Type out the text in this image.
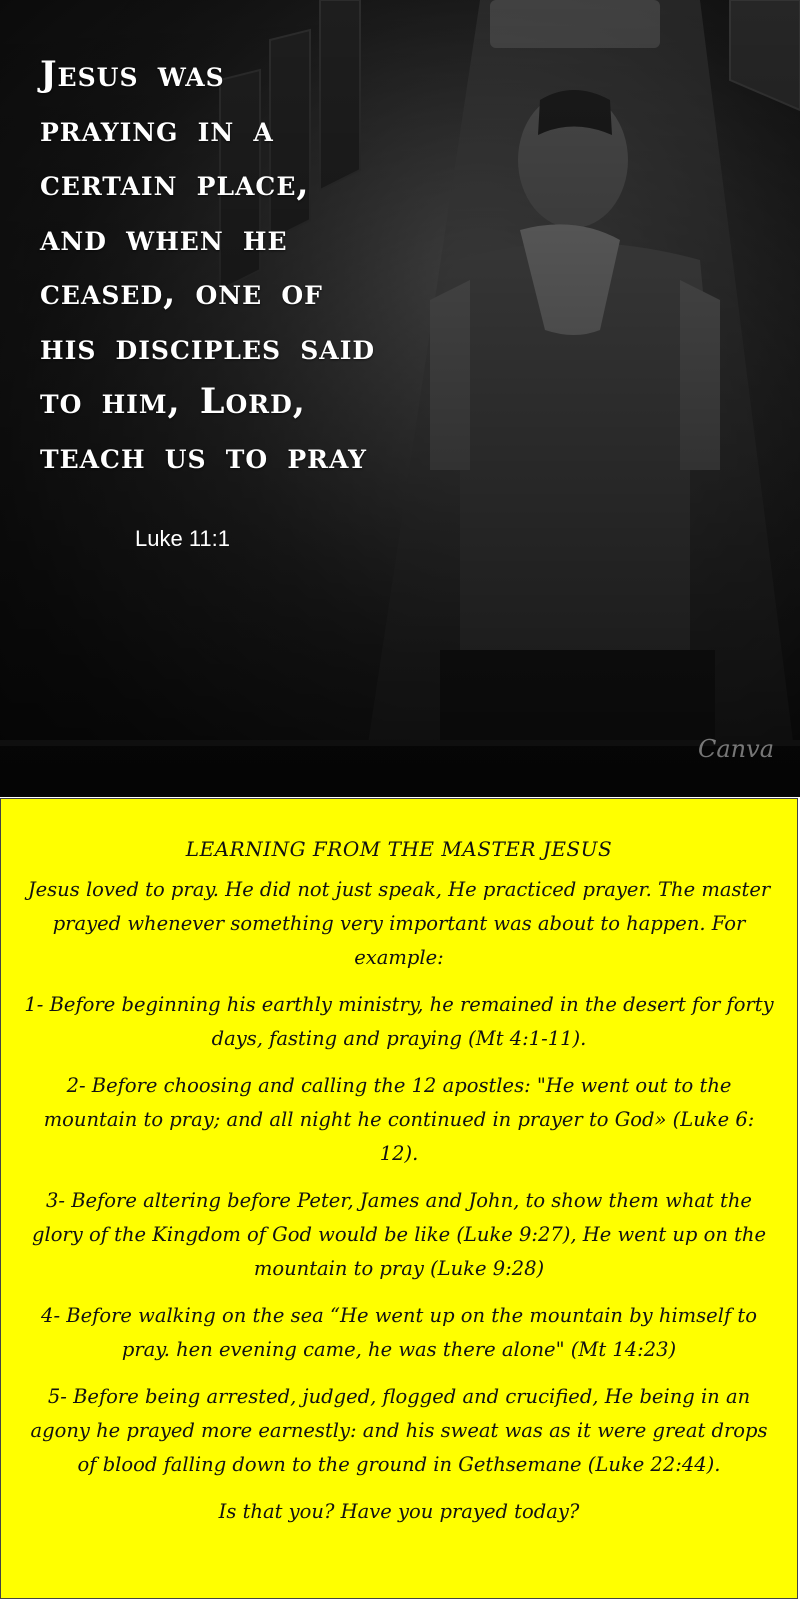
Jesus was
praying in a
certain place,
and when he
ceased, one of
his disciples said
to him, Lord,
teach us to pray
Luke 11:1
Canva
LEARNING FROM THE MASTER JESUS

Jesus loved to pray. He did not just speak, He practiced prayer. The master prayed whenever something very important was about to happen. For example:

1- Before beginning his earthly ministry, he remained in the desert for forty days, fasting and praying (Mt 4:1-11).

2- Before choosing and calling the 12 apostles: "He went out to the mountain to pray; and all night he continued in prayer to God» (Luke 6: 12).

3- Before altering before Peter, James and John, to show them what the glory of the Kingdom of God would be like (Luke 9:27), He went up on the mountain to pray (Luke 9:28)

4- Before walking on the sea “He went up on the mountain by himself to pray. hen evening came, he was there alone" (Mt 14:23)

5- Before being arrested, judged, flogged and crucified, He being in an agony he prayed more earnestly: and his sweat was as it were great drops of blood falling down to the ground in Gethsemane (Luke 22:44).

Is that you? Have you prayed today?
